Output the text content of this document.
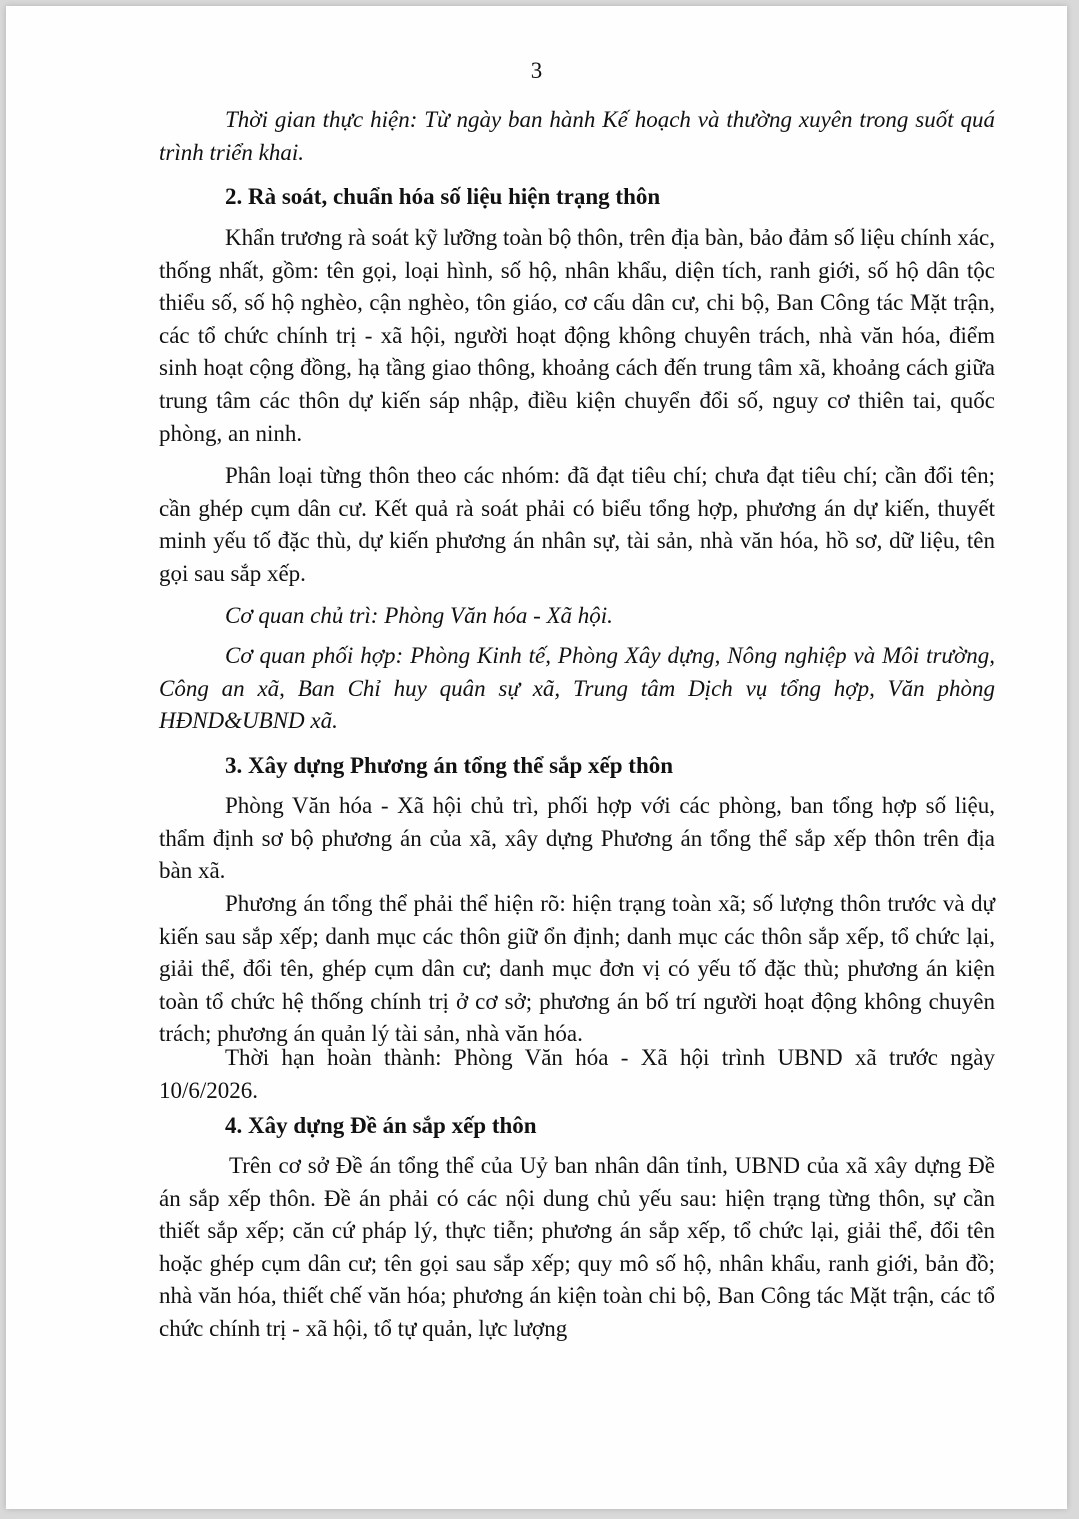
3

Thời gian thực hiện: Từ ngày ban hành Kế hoạch và thường xuyên trong suốt quá trình triển khai.

2. Rà soát, chuẩn hóa số liệu hiện trạng thôn

Khẩn trương rà soát kỹ lưỡng toàn bộ thôn, trên địa bàn, bảo đảm số liệu chính xác, thống nhất, gồm: tên gọi, loại hình, số hộ, nhân khẩu, diện tích, ranh giới, số hộ dân tộc thiểu số, số hộ nghèo, cận nghèo, tôn giáo, cơ cấu dân cư, chi bộ, Ban Công tác Mặt trận, các tổ chức chính trị - xã hội, người hoạt động không chuyên trách, nhà văn hóa, điểm sinh hoạt cộng đồng, hạ tầng giao thông, khoảng cách đến trung tâm xã, khoảng cách giữa trung tâm các thôn dự kiến sáp nhập, điều kiện chuyển đổi số, nguy cơ thiên tai, quốc phòng, an ninh.

Phân loại từng thôn theo các nhóm: đã đạt tiêu chí; chưa đạt tiêu chí; cần đổi tên; cần ghép cụm dân cư. Kết quả rà soát phải có biểu tổng hợp, phương án dự kiến, thuyết minh yếu tố đặc thù, dự kiến phương án nhân sự, tài sản, nhà văn hóa, hồ sơ, dữ liệu, tên gọi sau sắp xếp.

Cơ quan chủ trì: Phòng Văn hóa - Xã hội.

Cơ quan phối hợp: Phòng Kinh tế, Phòng Xây dựng, Nông nghiệp và Môi trường, Công an xã, Ban Chỉ huy quân sự xã, Trung tâm Dịch vụ tổng hợp, Văn phòng HĐND&UBND xã.

3. Xây dựng Phương án tổng thể sắp xếp thôn

Phòng Văn hóa - Xã hội chủ trì, phối hợp với các phòng, ban tổng hợp số liệu, thẩm định sơ bộ phương án của xã, xây dựng Phương án tổng thể sắp xếp thôn trên địa bàn xã.

Phương án tổng thể phải thể hiện rõ: hiện trạng toàn xã; số lượng thôn trước và dự kiến sau sắp xếp; danh mục các thôn giữ ổn định; danh mục các thôn sắp xếp, tổ chức lại, giải thể, đổi tên, ghép cụm dân cư; danh mục đơn vị có yếu tố đặc thù; phương án kiện toàn tổ chức hệ thống chính trị ở cơ sở; phương án bố trí người hoạt động không chuyên trách; phương án quản lý tài sản, nhà văn hóa.

Thời hạn hoàn thành: Phòng Văn hóa - Xã hội trình UBND xã trước ngày 10/6/2026.

4. Xây dựng Đề án sắp xếp thôn

Trên cơ sở Đề án tổng thể của Uỷ ban nhân dân tỉnh, UBND của xã xây dựng Đề án sắp xếp thôn. Đề án phải có các nội dung chủ yếu sau: hiện trạng từng thôn, sự cần thiết sắp xếp; căn cứ pháp lý, thực tiễn; phương án sắp xếp, tổ chức lại, giải thể, đổi tên hoặc ghép cụm dân cư; tên gọi sau sắp xếp; quy mô số hộ, nhân khẩu, ranh giới, bản đồ; nhà văn hóa, thiết chế văn hóa; phương án kiện toàn chi bộ, Ban Công tác Mặt trận, các tổ chức chính trị - xã hội, tổ tự quản, lực lượng
